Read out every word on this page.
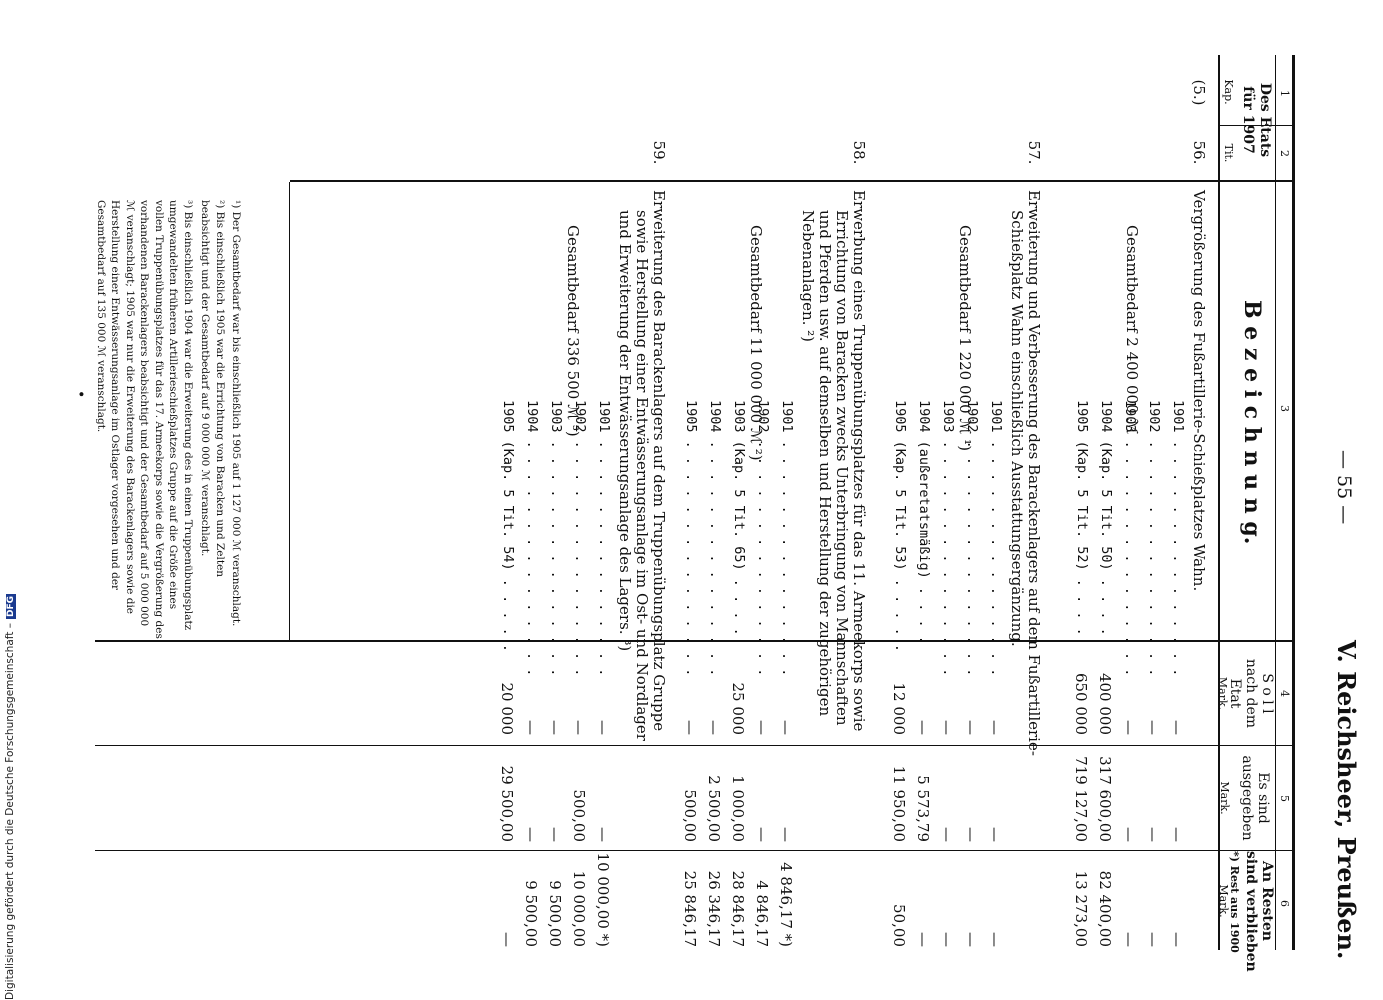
Digitalisierung gefördert durch die Deutsche Forschungsgemeinschaft –DFG
— 55 —
V. Reichsheer, Preußen.
1
2
3
4
5
6
Des Etats
für 1907
Kap.
Tit.
B e z e i c h n u n g.
S o l l
nach dem
Etat
Mark.
Es sind
ausgegeben
Mark.
An Resten
sind verblieben
*) Rest aus 1900
Mark.
(5.)
56.
Vergrößerung des Fußartillerie-Schießplatzes Wahn.
Gesamtbedarf 2 400 000 ℳ
1901 . . . . . . . . . . . . . . .
—
—
—
1902 . . . . . . . . . . . . . . .
—
—
—
1903 . . . . . . . . . . . . . . .
—
—
—
1904 (Kap. 5 Tit. 50) . . . .
400 000
317 600,00
82 400,00
1905 (Kap. 5 Tit. 52) . . . .
650 000
719 127,00
13 273,00
57.
Erweiterung und Verbesserung des Barackenlagers auf dem Fußartillerie-
Schießplatz Wahn einschließlich Ausstattungsergänzung.
Gesamtbedarf 1 220 000 ℳ ¹)
1901 . . . . . . . . . . . . . . .
—
—
—
1902 . . . . . . . . . . . . . . .
—
—
—
1903 . . . . . . . . . . . . . . .
—
—
—
1904 (außeretatsmäßig) . . . .
—
5 573,79
—
1905 (Kap. 5 Tit. 53) . . . . .
12 000
11 950,00
50,00
58.
Erwerbung eines Truppenübungsplatzes für das 11. Armeekorps sowie
Errichtung von Baracken zwecks Unterbringung von Mannschaften
und Pferden usw. auf demselben und Herstellung der zugehörigen
Nebenanlagen. ²)
Gesamtbedarf 11 000 000 ℳ ²)
1901 . . . . . . . . . . . . . . .
—
—
4 846,17 *)
1902 . . . . . . . . . . . . . . .
—
—
4 846,17
1903 (Kap. 5 Tit. 65) . . . .
25 000
1 000,00
28 846,17
1904 . . . . . . . . . . . . . . .
—
2 500,00
26 346,17
1905 . . . . . . . . . . . . . . .
—
500,00
25 846,17
59.
Erweiterung des Barackenlagers auf dem Truppenübungsplatz Gruppe
sowie Herstellung einer Entwässerungsanlage im Ost- und Nordlager
und Erweiterung der Entwässerungsanlage des Lagers. ³)
Gesamtbedarf 336 500 ℳ ³)
1901 . . . . . . . . . . . . . . .
—
—
10 000,00 *)
1902 . . . . . . . . . . . . . . .
—
500,00
10 000,00
1903 . . . . . . . . . . . . . . .
—
—
9 500,00
1904 . . . . . . . . . . . . . . .
—
—
9 500,00
1905 (Kap. 5 Tit. 54) . . . . .
20 000
29 500,00
—
¹) Der Gesamtbedarf war bis einschließlich 1905 auf 1 127 000 ℳ veranschlagt.
²) Bis einschließlich 1905 war die Errichtung von Baracken und Zelten beabsichtigt und der Gesamtbedarf auf 9 000 000 ℳ veranschlagt.
³) Bis einschließlich 1904 war die Erweiterung des in einen Truppenübungsplatz umgewandelten früheren Artillerieschießplatzes Gruppe auf die Größe eines vollen Truppenübungsplatzes für das 17. Armeekorps sowie die Vergrößerung des vorhandenen Barackenlagers beabsichtigt und der Gesamtbedarf auf 5 000 000 ℳ veranschlagt; 1905 war nur die Erweiterung des Barackenlagers sowie die Herstellung einer Entwässerungsanlage im Ostlager vorgesehen und der Gesamtbedarf auf 135 000 ℳ veranschlagt.
•
